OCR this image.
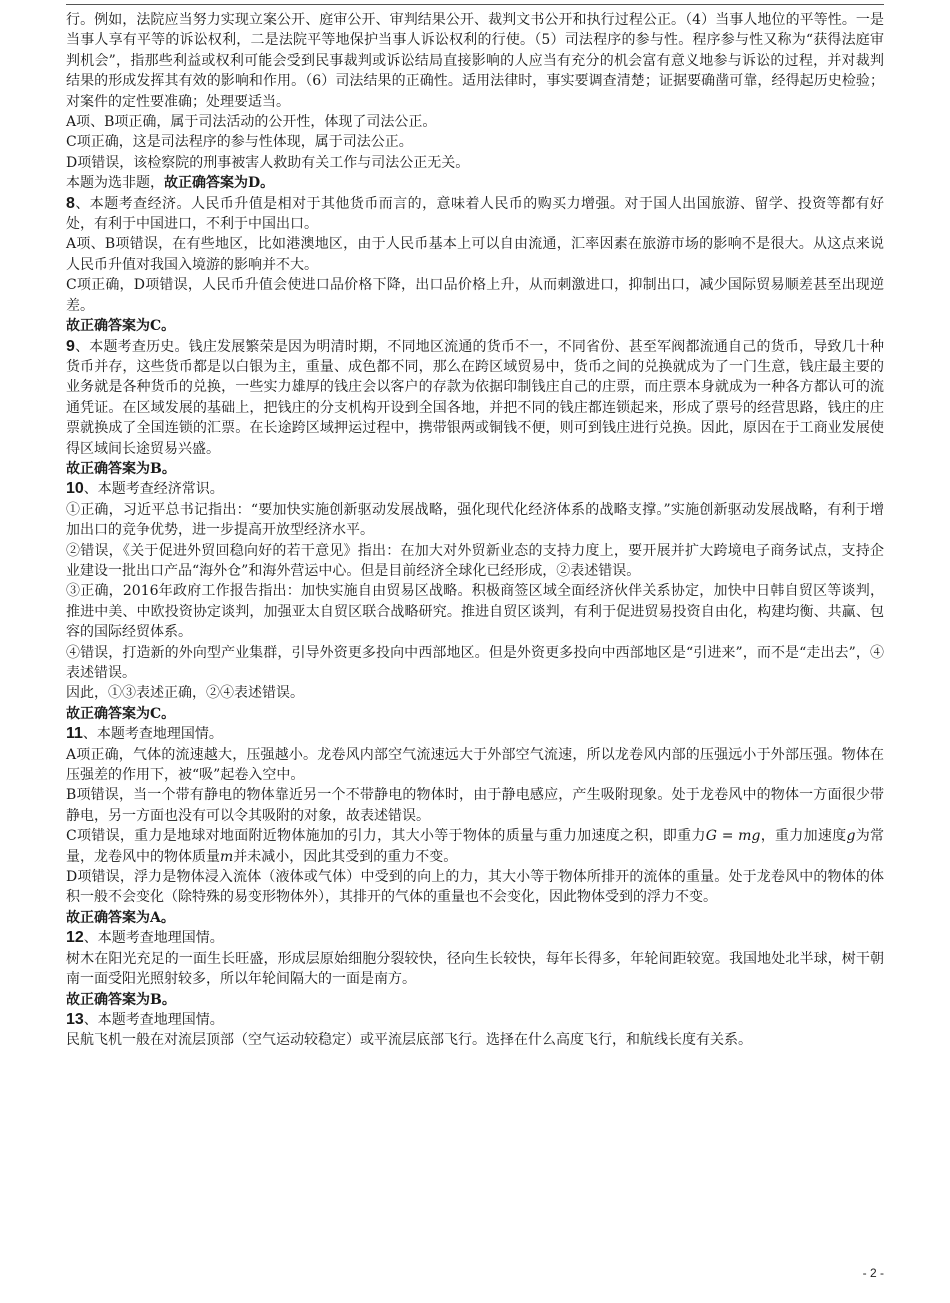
行。例如，法院应当努力实现立案公开、庭审公开、审判结果公开、裁判文书公开和执行过程公正。（4）当事人地位的平等性。一是当事人享有平等的诉讼权利，二是法院平等地保护当事人诉讼权利的行使。（5）司法程序的参与性。程序参与性又称为“获得法庭审判机会”，指那些利益或权利可能会受到民事裁判或诉讼结局直接影响的人应当有充分的机会富有意义地参与诉讼的过程，并对裁判结果的形成发挥其有效的影响和作用。（6）司法结果的正确性。适用法律时，事实要调查清楚；证据要确凿可靠，经得起历史检验；对案件的定性要准确；处理要适当。

A项、B项正确，属于司法活动的公开性，体现了司法公正。

C项正确，这是司法程序的参与性体现，属于司法公正。

D项错误，该检察院的刑事被害人救助有关工作与司法公正无关。

本题为选非题，故正确答案为D。

8、本题考查经济。人民币升值是相对于其他货币而言的，意味着人民币的购买力增强。对于国人出国旅游、留学、投资等都有好处，有利于中国进口，不利于中国出口。

A项、B项错误，在有些地区，比如港澳地区，由于人民币基本上可以自由流通，汇率因素在旅游市场的影响不是很大。从这点来说人民币升值对我国入境游的影响并不大。

C项正确，D项错误，人民币升值会使进口品价格下降，出口品价格上升，从而刺激进口，抑制出口，减少国际贸易顺差甚至出现逆差。

故正确答案为C。

9、本题考查历史。钱庄发展繁荣是因为明清时期，不同地区流通的货币不一，不同省份、甚至军阀都流通自己的货币，导致几十种货币并存，这些货币都是以白银为主，重量、成色都不同，那么在跨区域贸易中，货币之间的兑换就成为了一门生意，钱庄最主要的业务就是各种货币的兑换，一些实力雄厚的钱庄会以客户的存款为依据印制钱庄自己的庄票，而庄票本身就成为一种各方都认可的流通凭证。在区域发展的基础上，把钱庄的分支机构开设到全国各地，并把不同的钱庄都连锁起来，形成了票号的经营思路，钱庄的庄票就换成了全国连锁的汇票。在长途跨区域押运过程中，携带银两或铜钱不便，则可到钱庄进行兑换。因此，原因在于工商业发展使得区域间长途贸易兴盛。

故正确答案为B。

10、本题考查经济常识。

①正确，习近平总书记指出：“要加快实施创新驱动发展战略，强化现代化经济体系的战略支撑。”实施创新驱动发展战略，有利于增加出口的竞争优势，进一步提高开放型经济水平。

②错误，《关于促进外贸回稳向好的若干意见》指出：在加大对外贸新业态的支持力度上，要开展并扩大跨境电子商务试点，支持企业建设一批出口产品“海外仓”和海外营运中心。但是目前经济全球化已经形成，②表述错误。

③正确，2016年政府工作报告指出：加快实施自由贸易区战略。积极商签区域全面经济伙伴关系协定，加快中日韩自贸区等谈判，推进中美、中欧投资协定谈判，加强亚太自贸区联合战略研究。推进自贸区谈判，有利于促进贸易投资自由化，构建均衡、共赢、包容的国际经贸体系。

④错误，打造新的外向型产业集群，引导外资更多投向中西部地区。但是外资更多投向中西部地区是“引进来”，而不是“走出去”，④表述错误。

因此，①③表述正确，②④表述错误。

故正确答案为C。

11、本题考查地理国情。

A项正确，气体的流速越大，压强越小。龙卷风内部空气流速远大于外部空气流速，所以龙卷风内部的压强远小于外部压强。物体在压强差的作用下，被“吸”起卷入空中。

B项错误，当一个带有静电的物体靠近另一个不带静电的物体时，由于静电感应，产生吸附现象。处于龙卷风中的物体一方面很少带静电，另一方面也没有可以令其吸附的对象，故表述错误。

C项错误，重力是地球对地面附近物体施加的引力，其大小等于物体的质量与重力加速度之积，即重力G = mg，重力加速度g为常量，龙卷风中的物体质量m并未减小，因此其受到的重力不变。

D项错误，浮力是物体浸入流体（液体或气体）中受到的向上的力，其大小等于物体所排开的流体的重量。处于龙卷风中的物体的体积一般不会变化（除特殊的易变形物体外），其排开的气体的重量也不会变化，因此物体受到的浮力不变。

故正确答案为A。

12、本题考查地理国情。

树木在阳光充足的一面生长旺盛，形成层原始细胞分裂较快，径向生长较快，每年长得多，年轮间距较宽。我国地处北半球，树干朝南一面受阳光照射较多，所以年轮间隔大的一面是南方。

故正确答案为B。

13、本题考查地理国情。

民航飞机一般在对流层顶部（空气运动较稳定）或平流层底部飞行。选择在什么高度飞行，和航线长度有关系。

- 2 -
